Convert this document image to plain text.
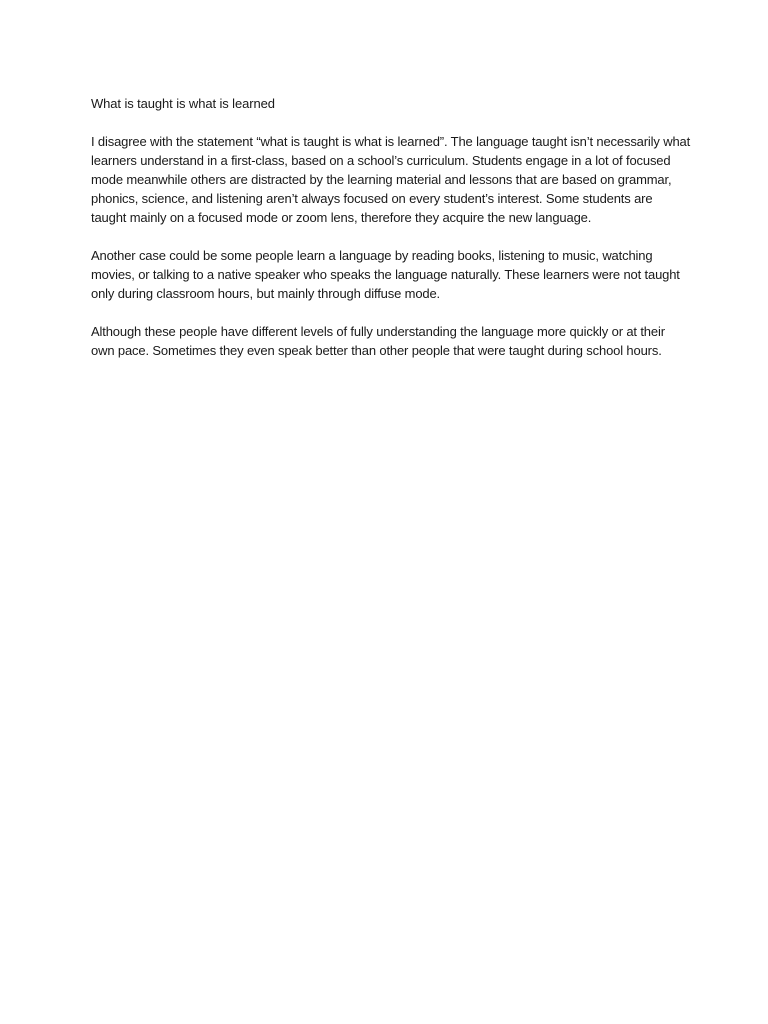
What is taught is what is learned

I disagree with the statement “what is taught is what is learned”. The language taught isn’t necessarily what learners understand in a first-class, based on a school’s curriculum. Students engage in a lot of focused mode meanwhile others are distracted by the learning material and lessons that are based on grammar, phonics, science, and listening aren’t always focused on every student’s interest. Some students are taught mainly on a focused mode or zoom lens, therefore they acquire the new language.

Another case could be some people learn a language by reading books, listening to music, watching movies, or talking to a native speaker who speaks the language naturally. These learners were not taught only during classroom hours, but mainly through diffuse mode.

Although these people have different levels of fully understanding the language more quickly or at their own pace. Sometimes they even speak better than other people that were taught during school hours.
